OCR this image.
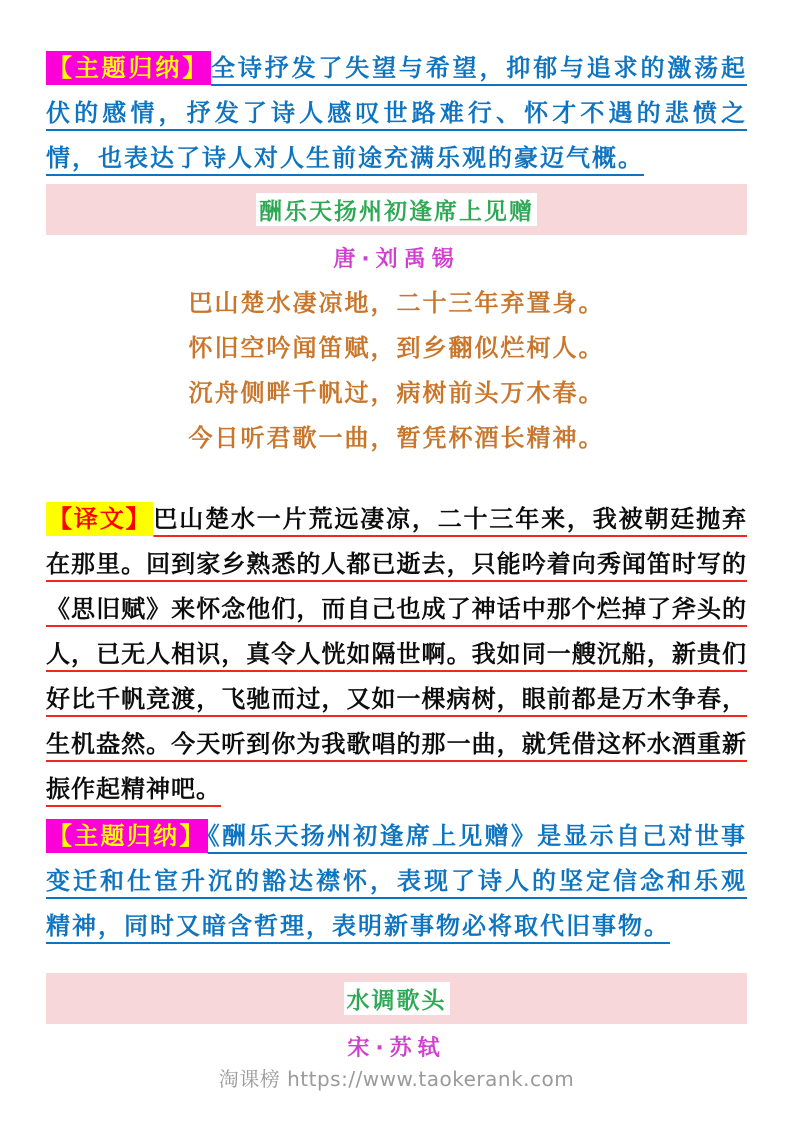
【主题归纳】全诗抒发了失望与希望，抑郁与追求的激荡起伏的感情，抒发了诗人感叹世路难行、怀才不遇的悲愤之情，也表达了诗人对人生前途充满乐观的豪迈气概。

酬乐天扬州初逢席上见赠
唐·刘禹锡
巴山楚水凄凉地，二十三年弃置身。
怀旧空吟闻笛赋，到乡翻似烂柯人。
沉舟侧畔千帆过，病树前头万木春。
今日听君歌一曲，暂凭杯酒长精神。

【译文】巴山楚水一片荒远凄凉，二十三年来，我被朝廷抛弃在那里。回到家乡熟悉的人都已逝去，只能吟着向秀闻笛时写的《思旧赋》来怀念他们，而自己也成了神话中那个烂掉了斧头的人，已无人相识，真令人恍如隔世啊。我如同一艘沉船，新贵们好比千帆竞渡，飞驰而过，又如一棵病树，眼前都是万木争春，生机盎然。今天听到你为我歌唱的那一曲，就凭借这杯水酒重新振作起精神吧。

【主题归纳】《酬乐天扬州初逢席上见赠》是显示自己对世事变迁和仕宦升沉的豁达襟怀，表现了诗人的坚定信念和乐观精神，同时又暗含哲理，表明新事物必将取代旧事物。

水调歌头
宋·苏轼
淘课榜 https://www.taokerank.com
